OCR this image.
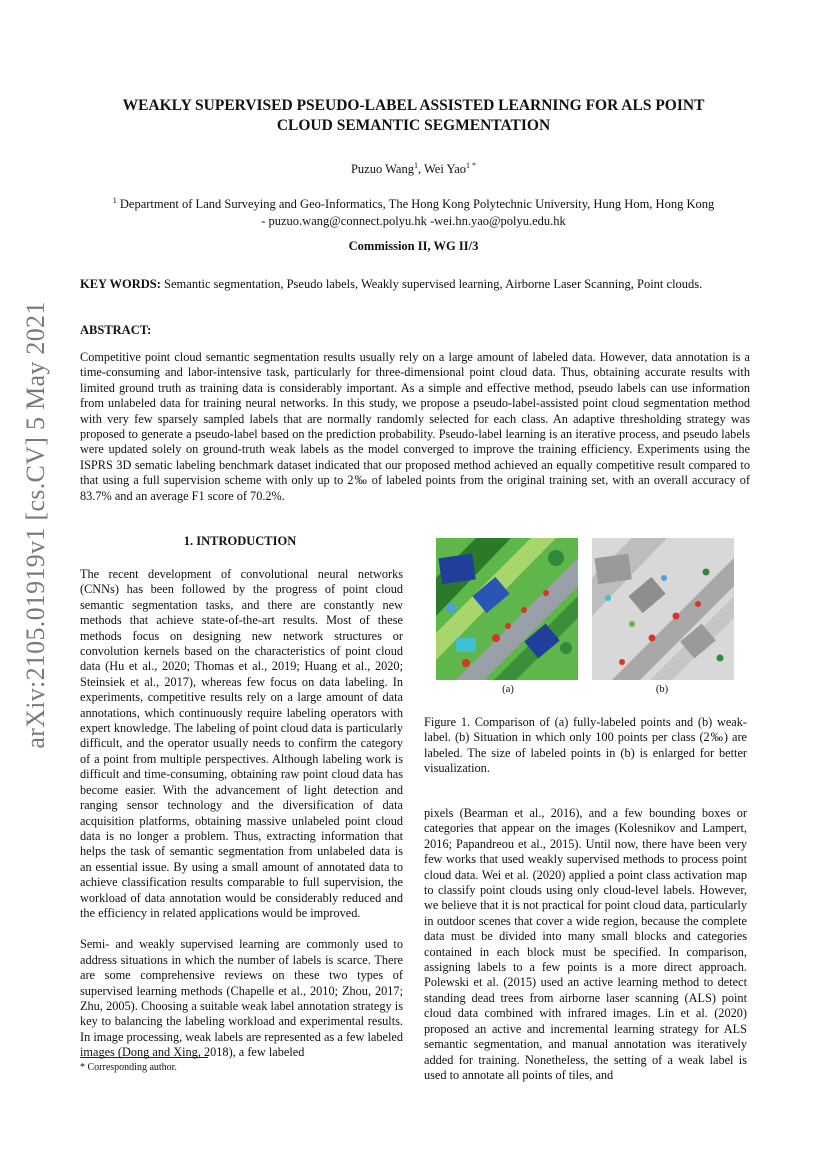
arXiv:2105.01919v1 [cs.CV] 5 May 2021
WEAKLY SUPERVISED PSEUDO-LABEL ASSISTED LEARNING FOR ALS POINT
CLOUD SEMANTIC SEGMENTATION
Puzuo Wang$^1$, Wei Yao$^{1 *}$
$^1$ Department of Land Surveying and Geo-Informatics, The Hong Kong Polytechnic University, Hung Hom, Hong Kong
- puzuo.wang@connect.polyu.hk -wei.hn.yao@polyu.edu.hk
Commission II, WG II/3
KEY WORDS: Semantic segmentation, Pseudo labels, Weakly supervised learning, Airborne Laser Scanning, Point clouds.
ABSTRACT:
Competitive point cloud semantic segmentation results usually rely on a large amount of labeled data. However, data annotation is a time-consuming and labor-intensive task, particularly for three-dimensional point cloud data. Thus, obtaining accurate results with limited ground truth as training data is considerably important. As a simple and effective method, pseudo labels can use information from unlabeled data for training neural networks. In this study, we propose a pseudo-label-assisted point cloud segmentation method with very few sparsely sampled labels that are normally randomly selected for each class. An adaptive thresholding strategy was proposed to generate a pseudo-label based on the prediction probability. Pseudo-label learning is an iterative process, and pseudo labels were updated solely on ground-truth weak labels as the model converged to improve the training efficiency. Experiments using the ISPRS 3D sematic labeling benchmark dataset indicated that our proposed method achieved an equally competitive result compared to that using a full supervision scheme with only up to 2‰ of labeled points from the original training set, with an overall accuracy of 83.7% and an average F1 score of 70.2%.
1. INTRODUCTION

The recent development of convolutional neural networks (CNNs) has been followed by the progress of point cloud semantic segmentation tasks, and there are constantly new methods that achieve state-of-the-art results. Most of these methods focus on designing new network structures or convolution kernels based on the characteristics of point cloud data (Hu et al., 2020; Thomas et al., 2019; Huang et al., 2020; Steinsiek et al., 2017), whereas few focus on data labeling. In experiments, competitive results rely on a large amount of data annotations, which continuously require labeling operators with expert knowledge. The labeling of point cloud data is particularly difficult, and the operator usually needs to confirm the category of a point from multiple perspectives. Although labeling work is difficult and time-consuming, obtaining raw point cloud data has become easier. With the advancement of light detection and ranging sensor technology and the diversification of data acquisition platforms, obtaining massive unlabeled point cloud data is no longer a problem. Thus, extracting information that helps the task of semantic segmentation from unlabeled data is an essential issue. By using a small amount of annotated data to achieve classification results comparable to full supervision, the workload of data annotation would be considerably reduced and the efficiency in related applications would be improved.

Semi- and weakly supervised learning are commonly used to address situations in which the number of labels is scarce. There are some comprehensive reviews on these two types of supervised learning methods (Chapelle et al., 2010; Zhou, 2017; Zhu, 2005). Choosing a suitable weak label annotation strategy is key to balancing the labeling workload and experimental results. In image processing, weak labels are represented as a few labeled images (Dong and Xing, 2018), a few labeled

* Corresponding author.
(a)	(b)
Figure 1. Comparison of (a) fully-labeled points and (b) weak-label. (b) Situation in which only 100 points per class (2‰) are labeled. The size of labeled points in (b) is enlarged for better visualization.

pixels (Bearman et al., 2016), and a few bounding boxes or categories that appear on the images (Kolesnikov and Lampert, 2016; Papandreou et al., 2015). Until now, there have been very few works that used weakly supervised methods to process point cloud data. Wei et al. (2020) applied a point class activation map to classify point clouds using only cloud-level labels. However, we believe that it is not practical for point cloud data, particularly in outdoor scenes that cover a wide region, because the complete data must be divided into many small blocks and categories contained in each block must be specified. In comparison, assigning labels to a few points is a more direct approach. Polewski et al. (2015) used an active learning method to detect standing dead trees from airborne laser scanning (ALS) point cloud data combined with infrared images. Lin et al. (2020) proposed an active and incremental learning strategy for ALS semantic segmentation, and manual annotation was iteratively added for training. Nonetheless, the setting of a weak label is used to annotate all points of tiles, and
